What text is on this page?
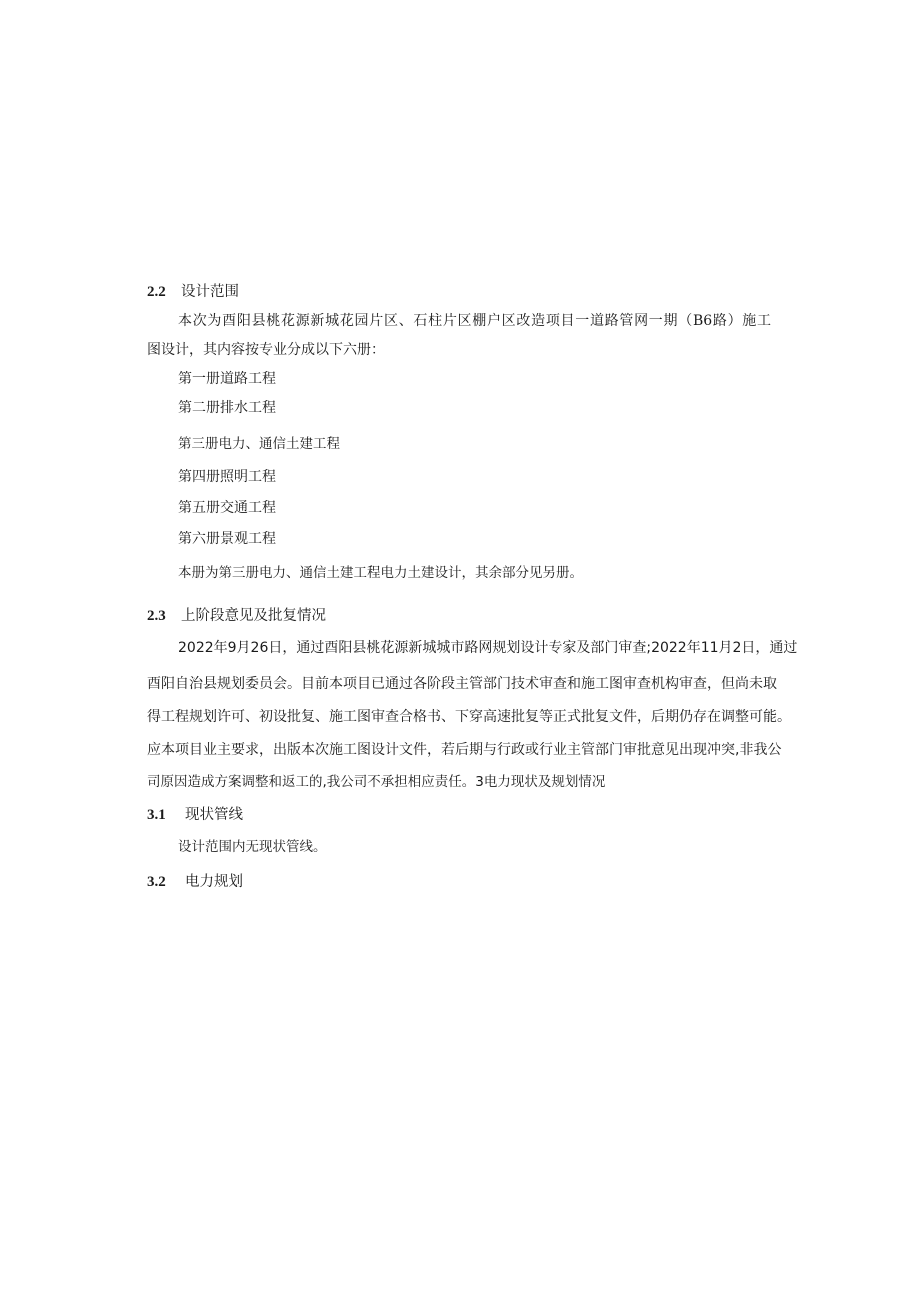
2.2 设计范围
本次为酉阳县桃花源新城花园片区、石柱片区棚户区改造项目一道路管网一期（B6路）施工
图设计，其内容按专业分成以下六册：
第一册道路工程
第二册排水工程
第三册电力、通信土建工程
第四册照明工程
第五册交通工程
第六册景观工程
本册为第三册电力、通信土建工程电力土建设计，其余部分见另册。
2.3 上阶段意见及批复情况
2022年9月26日，通过酉阳县桃花源新城城市路网规划设计专家及部门审查;2022年11月2日，通过
酉阳自治县规划委员会。目前本项目已通过各阶段主管部门技术审查和施工图审查机构审查，但尚未取
得工程规划许可、初设批复、施工图审查合格书、下穿高速批复等正式批复文件，后期仍存在调整可能。
应本项目业主要求，出版本次施工图设计文件，若后期与行政或行业主管部门审批意见出现冲突,非我公
司原因造成方案调整和返工的,我公司不承担相应责任。3电力现状及规划情况
3.1 现状管线
设计范围内无现状管线。
3.2 电力规划
